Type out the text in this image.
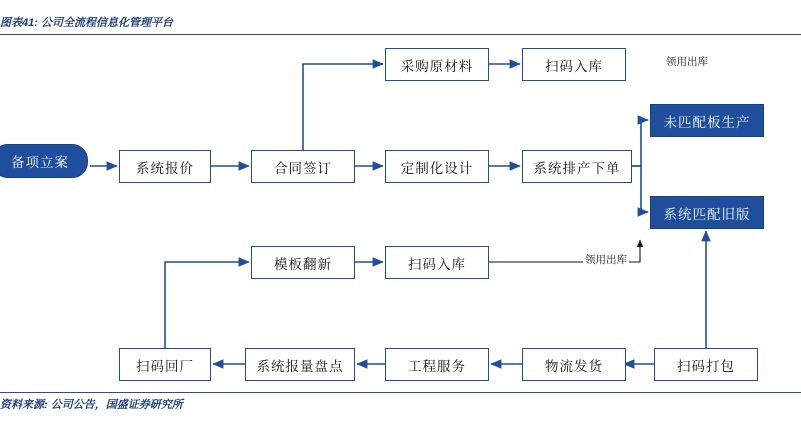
图表41: 公司全流程信息化管理平台
备项立案	系统报价	合同签订
采购原材料	扫码入库
定制化设计	系统排产下单
未匹配板生产
系统匹配旧版
模板翻新	扫码入库
扫码回厂	系统报量盘点	工程服务	物流发货	扫码打包
领用出库
领用出库
资料来源: 公司公告，国盛证券研究所
